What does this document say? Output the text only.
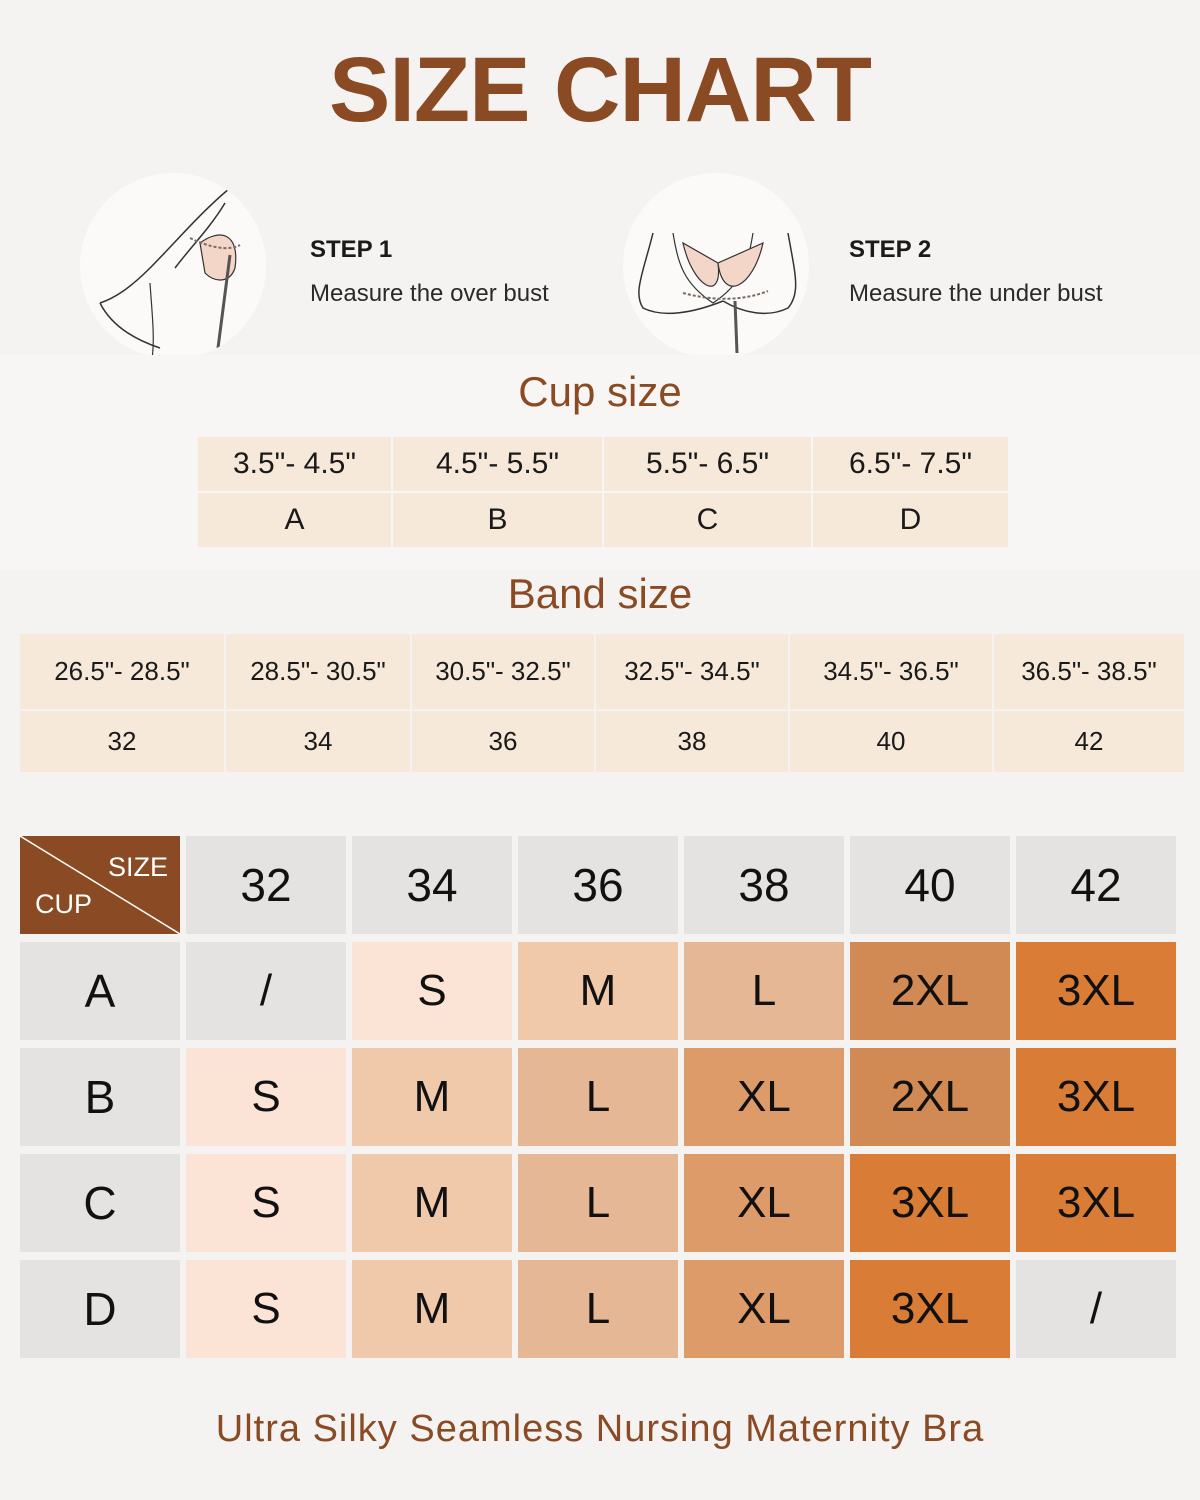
SIZE CHART
STEP 1
Measure the over bust
STEP 2
Measure the under bust
Cup size
3.5"- 4.5"	4.5"- 5.5"	5.5"- 6.5"	6.5"- 7.5"
A	B	C	D
Band size
26.5"- 28.5"	28.5"- 30.5"	30.5"- 32.5"	32.5"- 34.5"	34.5"- 36.5"	36.5"- 38.5"
32	34	36	38	40	42
SIZE
CUP	32	34	36	38	40	42
A	/	S	M	L	2XL	3XL
B	S	M	L	XL	2XL	3XL
C	S	M	L	XL	3XL	3XL
D	S	M	L	XL	3XL	/
Ultra Silky Seamless Nursing Maternity Bra
